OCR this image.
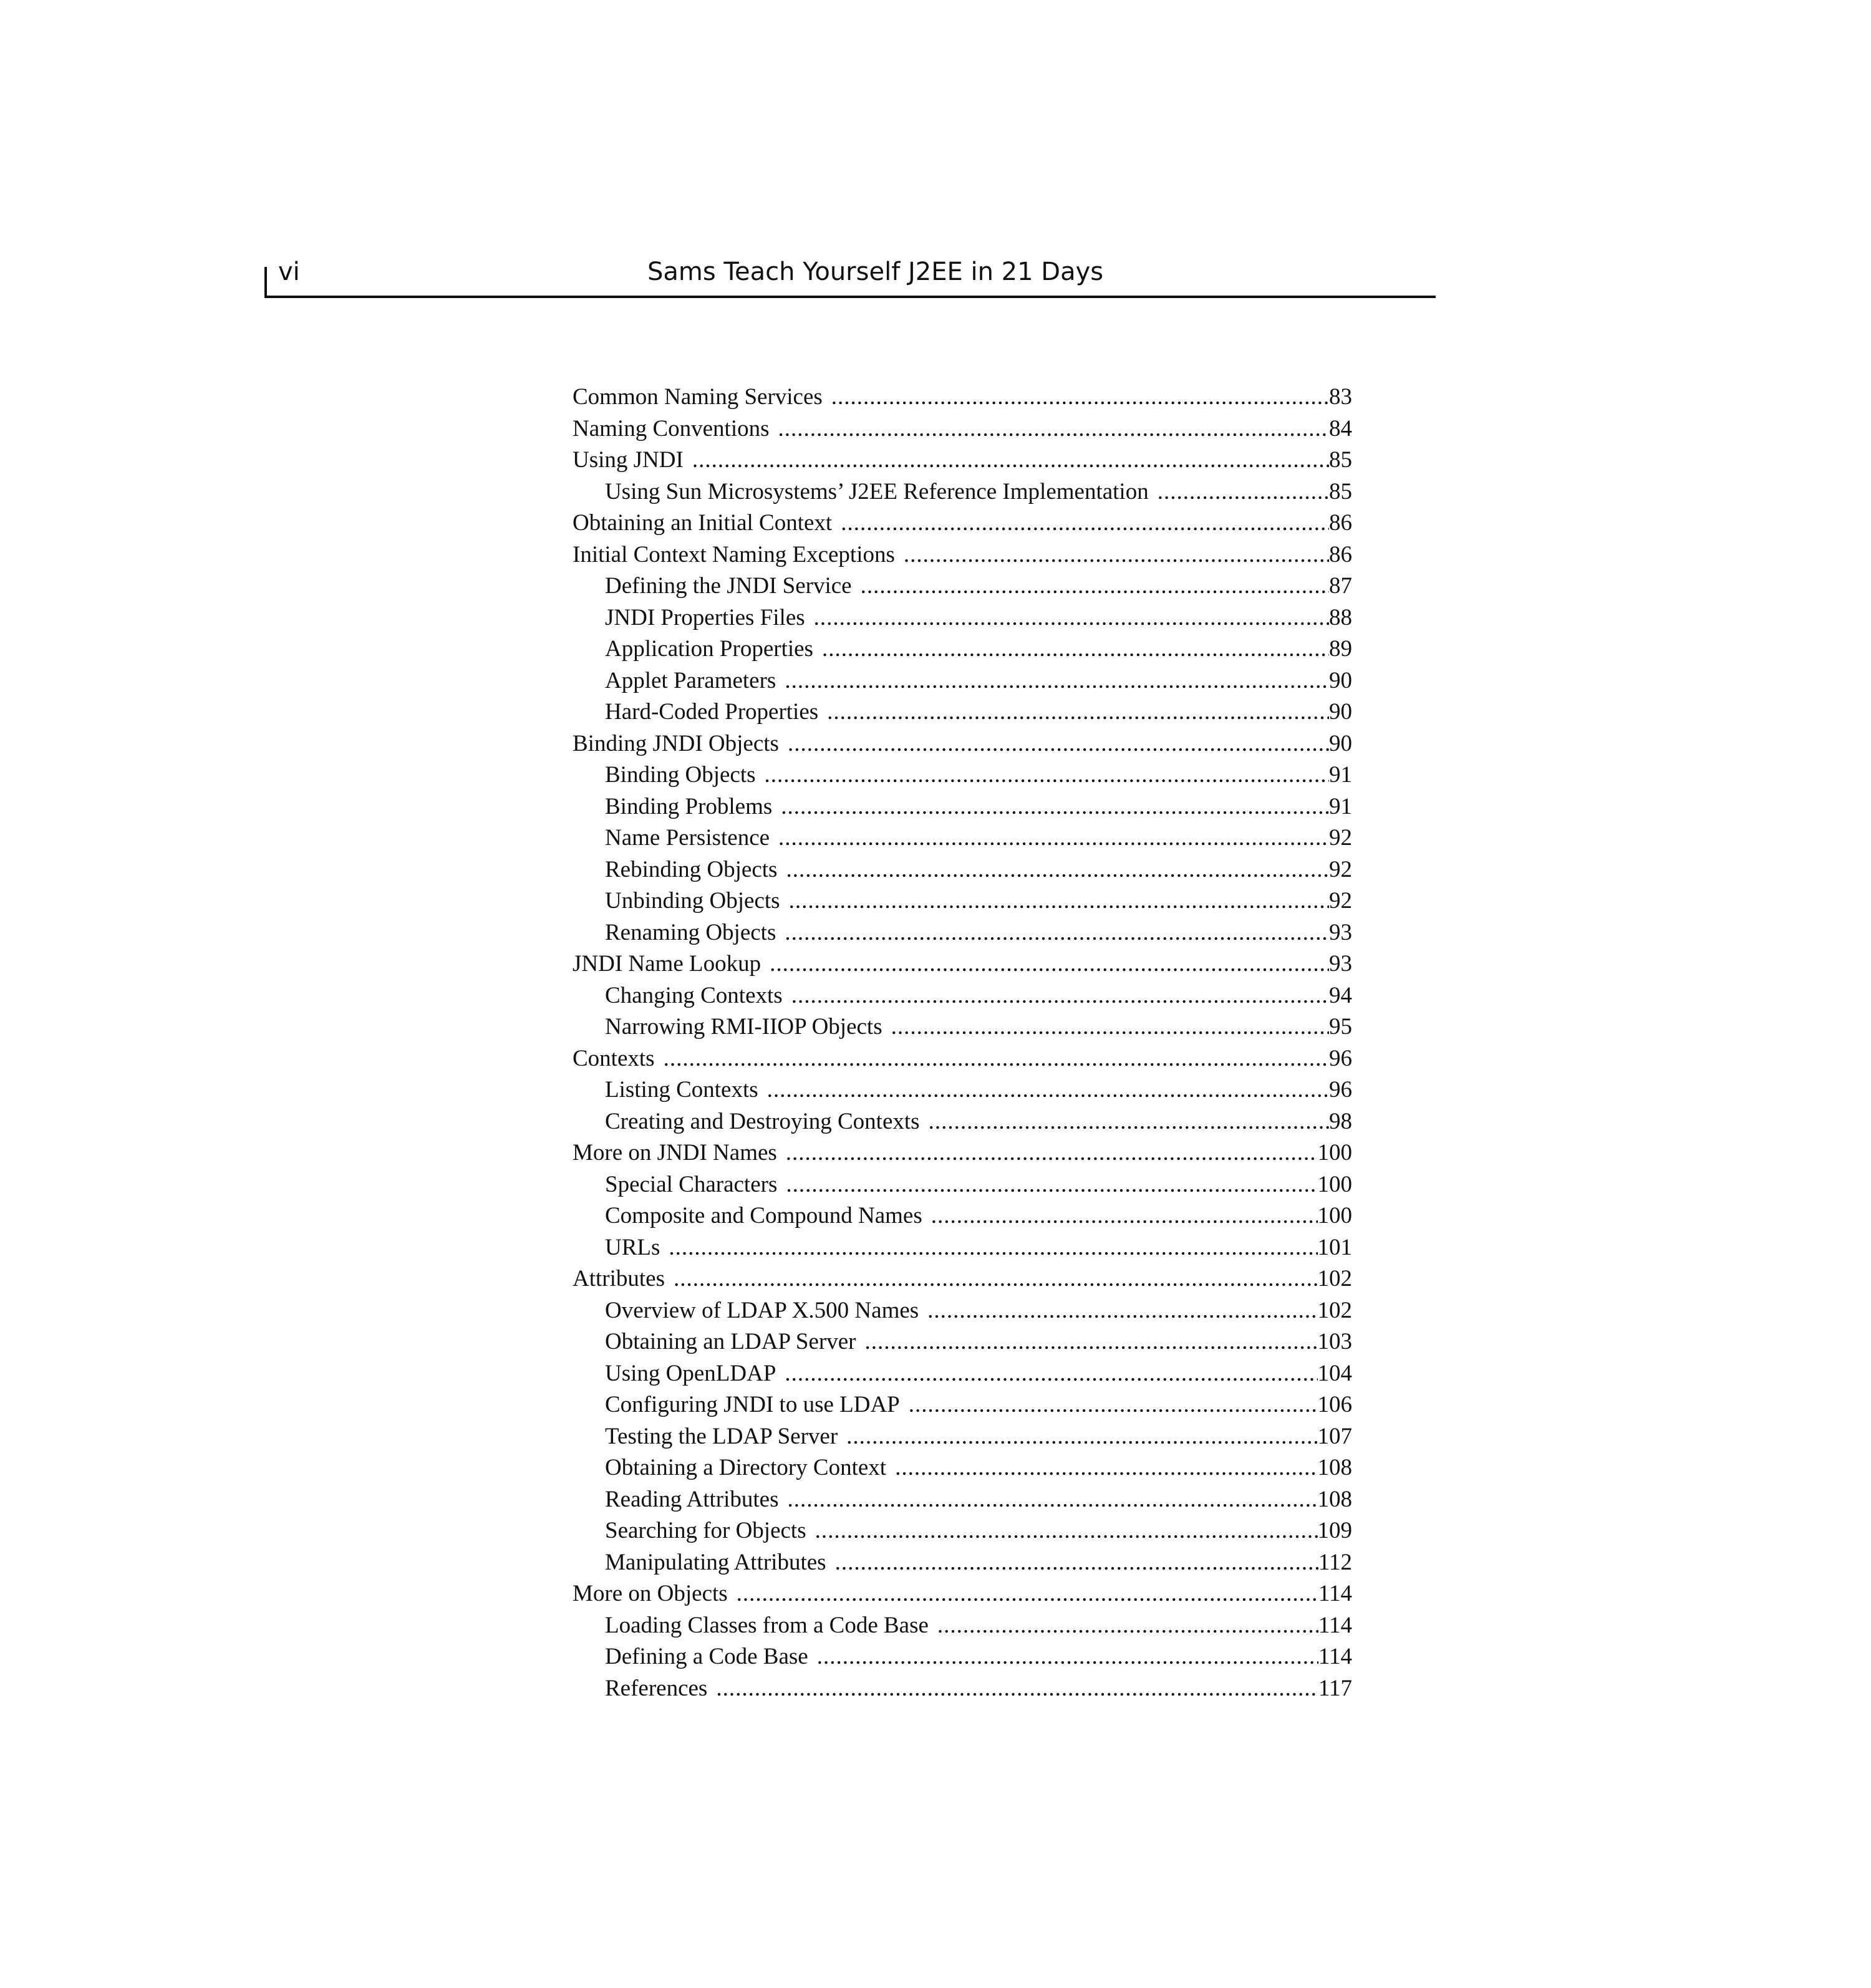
vi	Sams Teach Yourself J2EE in 21 Days
Common Naming Services .....	83
Naming Conventions .....	84
Using JNDI .....	85
Using Sun Microsystems’ J2EE Reference Implementation .....	85
Obtaining an Initial Context .....	86
Initial Context Naming Exceptions .....	86
Defining the JNDI Service .....	87
JNDI Properties Files .....	88
Application Properties .....	89
Applet Parameters .....	90
Hard-Coded Properties .....	90
Binding JNDI Objects .....	90
Binding Objects .....	91
Binding Problems .....	91
Name Persistence .....	92
Rebinding Objects .....	92
Unbinding Objects .....	92
Renaming Objects .....	93
JNDI Name Lookup .....	93
Changing Contexts .....	94
Narrowing RMI-IIOP Objects .....	95
Contexts .....	96
Listing Contexts .....	96
Creating and Destroying Contexts .....	98
More on JNDI Names .....	100
Special Characters .....	100
Composite and Compound Names .....	100
URLs .....	101
Attributes .....	102
Overview of LDAP X.500 Names .....	102
Obtaining an LDAP Server .....	103
Using OpenLDAP .....	104
Configuring JNDI to use LDAP .....	106
Testing the LDAP Server .....	107
Obtaining a Directory Context .....	108
Reading Attributes .....	108
Searching for Objects .....	109
Manipulating Attributes .....	112
More on Objects .....	114
Loading Classes from a Code Base .....	114
Defining a Code Base .....	114
References .....	117
